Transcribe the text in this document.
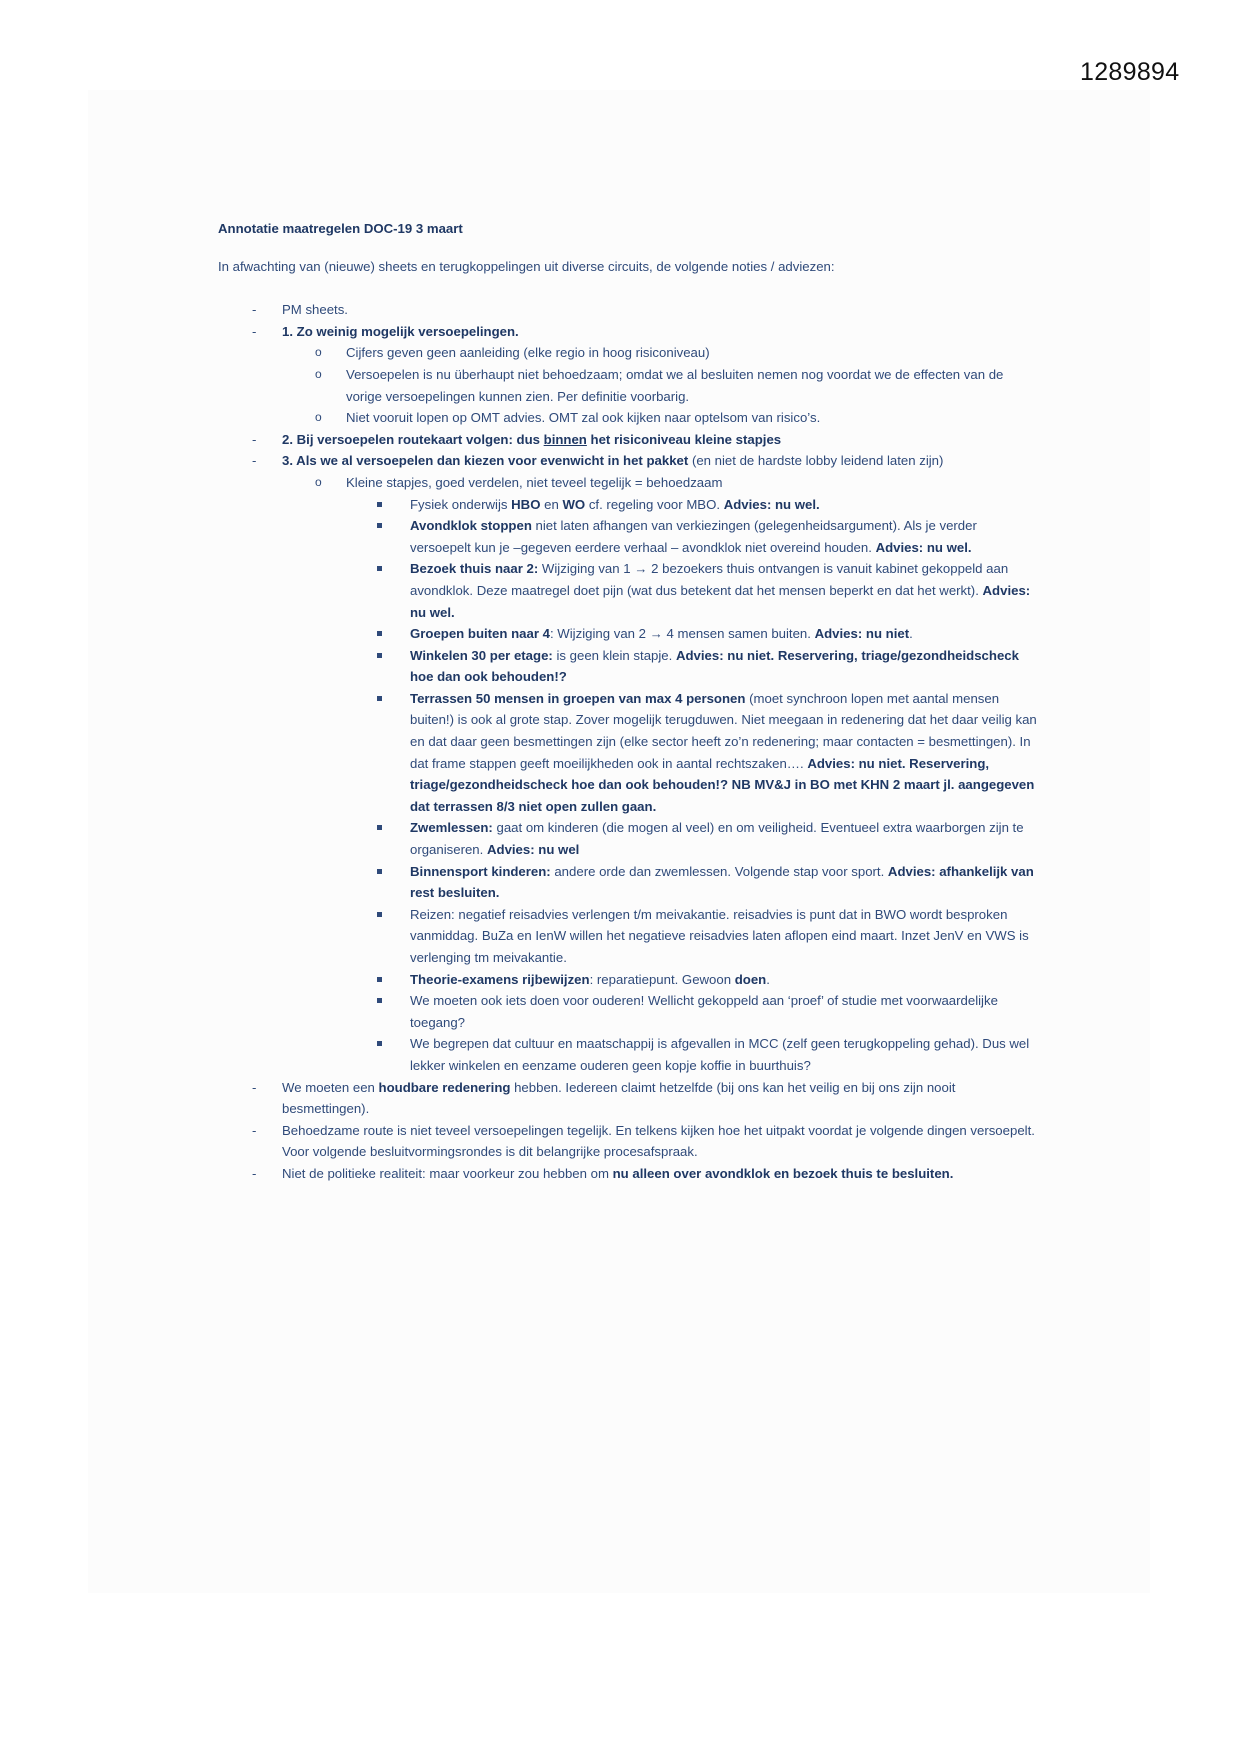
1289894
Annotatie maatregelen DOC-19 3 maart
In afwachting van (nieuwe) sheets en terugkoppelingen uit diverse circuits, de volgende noties / adviezen:
- PM sheets.
- 1. Zo weinig mogelijk versoepelingen.
o Cijfers geven geen aanleiding (elke regio in hoog risiconiveau)
o Versoepelen is nu überhaupt niet behoedzaam; omdat we al besluiten nemen nog voordat we de effecten van de vorige versoepelingen kunnen zien. Per definitie voorbarig.
o Niet vooruit lopen op OMT advies. OMT zal ook kijken naar optelsom van risico’s.
- 2. Bij versoepelen routekaart volgen: dus binnen het risiconiveau kleine stapjes
- 3. Als we al versoepelen dan kiezen voor evenwicht in het pakket (en niet de hardste lobby leidend laten zijn)
o Kleine stapjes, goed verdelen, niet teveel tegelijk = behoedzaam
Fysiek onderwijs HBO en WO cf. regeling voor MBO. Advies: nu wel.
Avondklok stoppen niet laten afhangen van verkiezingen (gelegenheidsargument). Als je verder versoepelt kun je –gegeven eerdere verhaal – avondklok niet overeind houden. Advies: nu wel.
Bezoek thuis naar 2: Wijziging van 1 → 2 bezoekers thuis ontvangen is vanuit kabinet gekoppeld aan avondklok. Deze maatregel doet pijn (wat dus betekent dat het mensen beperkt en dat het werkt). Advies: nu wel.
Groepen buiten naar 4: Wijziging van 2 → 4 mensen samen buiten. Advies: nu niet.
Winkelen 30 per etage: is geen klein stapje. Advies: nu niet. Reservering, triage/gezondheidscheck hoe dan ook behouden!?
Terrassen 50 mensen in groepen van max 4 personen (moet synchroon lopen met aantal mensen buiten!) is ook al grote stap. Zover mogelijk terugduwen. Niet meegaan in redenering dat het daar veilig kan en dat daar geen besmettingen zijn (elke sector heeft zo’n redenering; maar contacten = besmettingen). In dat frame stappen geeft moeilijkheden ook in aantal rechtszaken…. Advies: nu niet. Reservering, triage/gezondheidscheck hoe dan ook behouden!? NB MV&J in BO met KHN 2 maart jl. aangegeven dat terrassen 8/3 niet open zullen gaan.
Zwemlessen: gaat om kinderen (die mogen al veel) en om veiligheid. Eventueel extra waarborgen zijn te organiseren. Advies: nu wel
Binnensport kinderen: andere orde dan zwemlessen. Volgende stap voor sport. Advies: afhankelijk van rest besluiten.
Reizen: negatief reisadvies verlengen t/m meivakantie. reisadvies is punt dat in BWO wordt besproken vanmiddag. BuZa en IenW willen het negatieve reisadvies laten aflopen eind maart. Inzet JenV en VWS is verlenging tm meivakantie.
Theorie-examens rijbewijzen: reparatiepunt. Gewoon doen.
We moeten ook iets doen voor ouderen! Wellicht gekoppeld aan ‘proef’ of studie met voorwaardelijke toegang?
We begrepen dat cultuur en maatschappij is afgevallen in MCC (zelf geen terugkoppeling gehad). Dus wel lekker winkelen en eenzame ouderen geen kopje koffie in buurthuis?
- We moeten een houdbare redenering hebben. Iedereen claimt hetzelfde (bij ons kan het veilig en bij ons zijn nooit besmettingen).
- Behoedzame route is niet teveel versoepelingen tegelijk. En telkens kijken hoe het uitpakt voordat je volgende dingen versoepelt. Voor volgende besluitvormingsrondes is dit belangrijke procesafspraak.
- Niet de politieke realiteit: maar voorkeur zou hebben om nu alleen over avondklok en bezoek thuis te besluiten.
